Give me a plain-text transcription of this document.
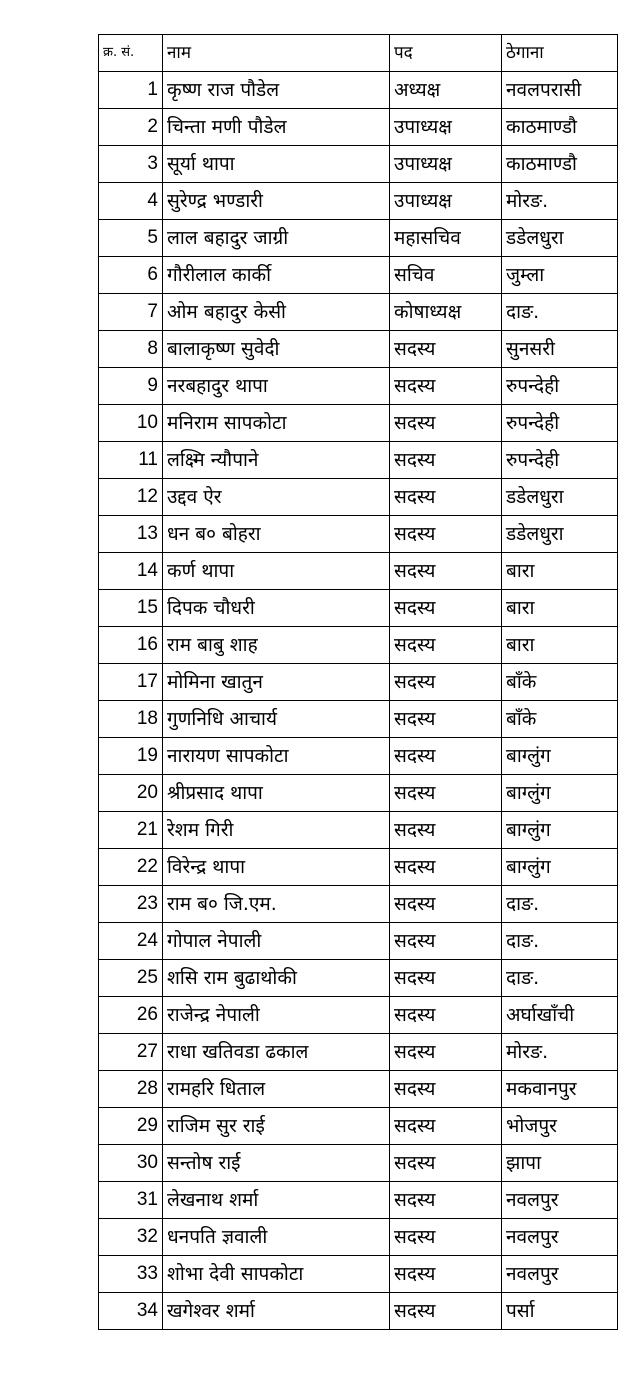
क्र. सं.	नाम	पद	ठेगाना
1	कृष्ण राज पौडेल	अध्यक्ष	नवलपरासी
2	चिन्ता मणी पौडेल	उपाध्यक्ष	काठमाण्डौ
3	सूर्या थापा	उपाध्यक्ष	काठमाण्डौ
4	सुरेण्द्र भण्डारी	उपाध्यक्ष	मोरङ.
5	लाल बहादुर जाग्री	महासचिव	डडेलधुरा
6	गौरीलाल कार्की	सचिव	जुम्ला
7	ओम बहादुर केसी	कोषाध्यक्ष	दाङ.
8	बालाकृष्ण सुवेदी	सदस्य	सुनसरी
9	नरबहादुर थापा	सदस्य	रुपन्देही
10	मनिराम सापकोटा	सदस्य	रुपन्देही
11	लक्ष्मि न्यौपाने	सदस्य	रुपन्देही
12	उद्दव ऐर	सदस्य	डडेलधुरा
13	धन ब० बोहरा	सदस्य	डडेलधुरा
14	कर्ण थापा	सदस्य	बारा
15	दिपक चौधरी	सदस्य	बारा
16	राम बाबु शाह	सदस्य	बारा
17	मोमिना खातुन	सदस्य	बाँके
18	गुणनिधि आचार्य	सदस्य	बाँके
19	नारायण सापकोटा	सदस्य	बाग्लुंग
20	श्रीप्रसाद थापा	सदस्य	बाग्लुंग
21	रेशम गिरी	सदस्य	बाग्लुंग
22	विरेन्द्र थापा	सदस्य	बाग्लुंग
23	राम ब० जि.एम.	सदस्य	दाङ.
24	गोपाल नेपाली	सदस्य	दाङ.
25	शसि राम बुढाथोकी	सदस्य	दाङ.
26	राजेन्द्र नेपाली	सदस्य	अर्घाखाँची
27	राधा खतिवडा ढकाल	सदस्य	मोरङ.
28	रामहरि धिताल	सदस्य	मकवानपुर
29	राजिम सुर राई	सदस्य	भोजपुर
30	सन्तोष राई	सदस्य	झापा
31	लेखनाथ शर्मा	सदस्य	नवलपुर
32	धनपति ज्ञवाली	सदस्य	नवलपुर
33	शोभा देवी सापकोटा	सदस्य	नवलपुर
34	खगेश्वर शर्मा	सदस्य	पर्सा
